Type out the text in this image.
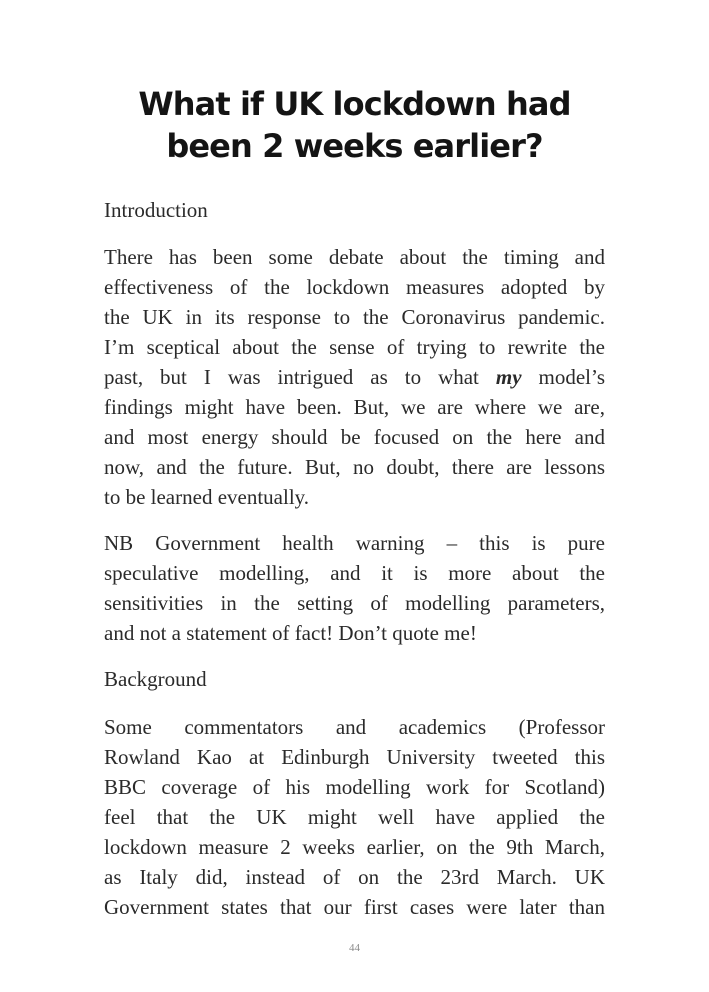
What if UK lockdown had
been 2 weeks earlier?

Introduction

There has been some debate about the timing and
effectiveness of the lockdown measures adopted by
the UK in its response to the Coronavirus pandemic.
I’m sceptical about the sense of trying to rewrite the
past, but I was intrigued as to what my model’s
findings might have been. But, we are where we are,
and most energy should be focused on the here and
now, and the future. But, no doubt, there are lessons
to be learned eventually.
NB Government health warning – this is pure
speculative modelling, and it is more about the
sensitivities in the setting of modelling parameters,
and not a statement of fact! Don’t quote me!

Background

Some commentators and academics (Professor
Rowland Kao at Edinburgh University tweeted this
BBC coverage of his modelling work for Scotland)
feel that the UK might well have applied the
lockdown measure 2 weeks earlier, on the 9th March,
as Italy did, instead of on the 23rd March. UK
Government states that our first cases were later than
44
